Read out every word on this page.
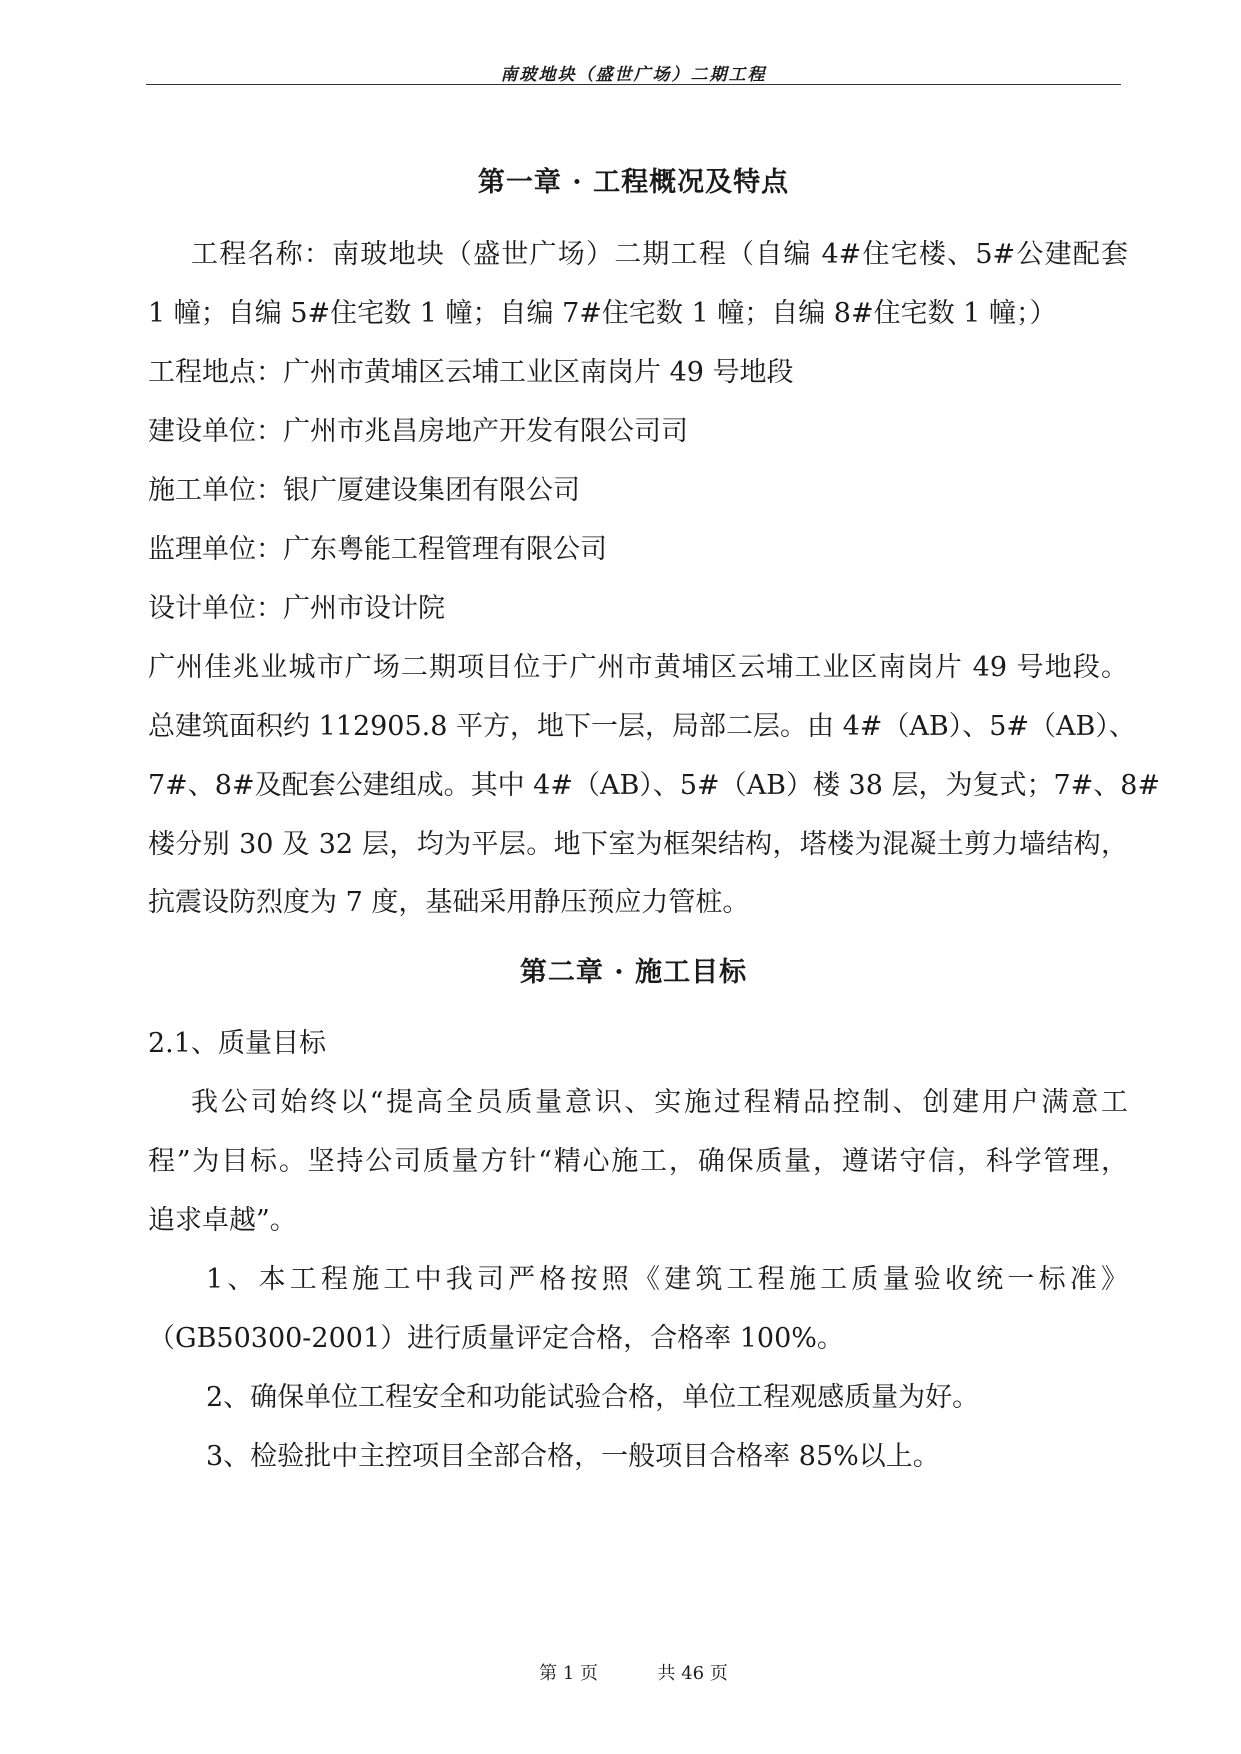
南玻地块（盛世广场）二期工程
第一章 · 工程概况及特点
工程名称：南玻地块（盛世广场）二期工程（自编 4#住宅楼、5#公建配套
1 幢；自编 5#住宅数 1 幢；自编 7#住宅数 1 幢；自编 8#住宅数 1 幢；）
工程地点：广州市黄埔区云埔工业区南岗片 49 号地段
建设单位：广州市兆昌房地产开发有限公司司
施工单位：银广厦建设集团有限公司
监理单位：广东粤能工程管理有限公司
设计单位：广州市设计院
广州佳兆业城市广场二期项目位于广州市黄埔区云埔工业区南岗片 49 号地段。
总建筑面积约 112905.8 平方，地下一层，局部二层。由 4#（AB）、5#（AB）、
7#、8#及配套公建组成。其中 4#（AB）、5#（AB）楼 38 层，为复式；7#、8#
楼分别 30 及 32 层，均为平层。地下室为框架结构，塔楼为混凝土剪力墙结构，
抗震设防烈度为 7 度，基础采用静压预应力管桩。
第二章 · 施工目标
2.1、质量目标
我公司始终以“提高全员质量意识、实施过程精品控制、创建用户满意工
程”为目标。坚持公司质量方针“精心施工，确保质量，遵诺守信，科学管理，
追求卓越”。
1、本工程施工中我司严格按照《建筑工程施工质量验收统一标准》
（GB50300-2001）进行质量评定合格，合格率 100%。
2、确保单位工程安全和功能试验合格，单位工程观感质量为好。
3、检验批中主控项目全部合格，一般项目合格率 85%以上。
第 1 页	共 46 页
